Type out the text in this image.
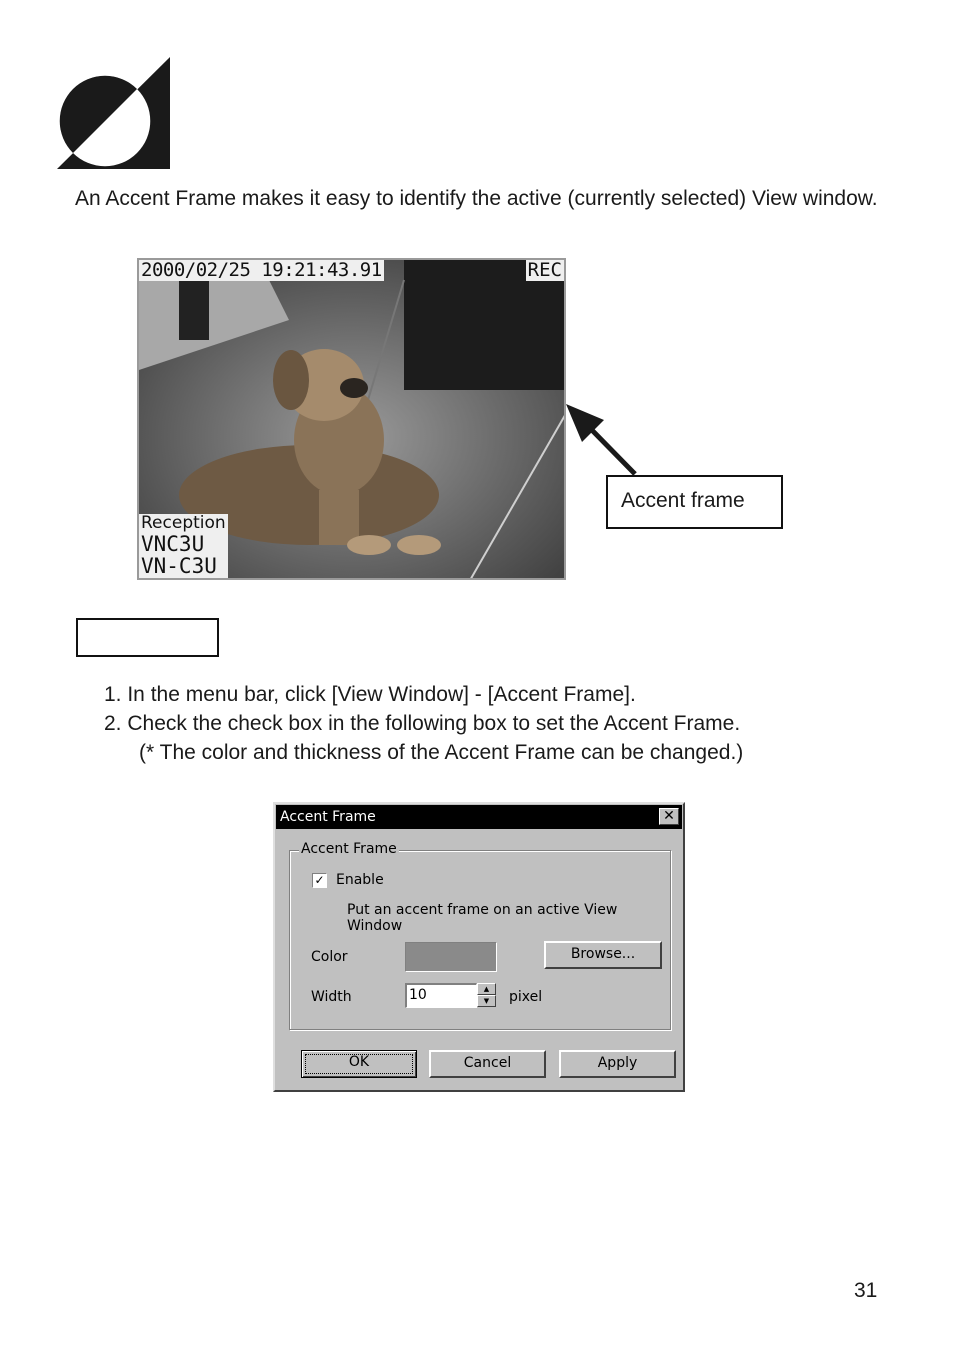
An Accent Frame makes it easy to identify the active (currently selected) View window.
2000/02/25 19:21:43.91	REC
Reception
VNC3U
VN-C3U
Accent frame
1. In the menu bar, click [View Window] - [Accent Frame].
2. Check the check box in the following box to set the Accent Frame.
(* The color and thickness of the Accent Frame can be changed.)
Accent Frame	✕
Accent Frame
✓ Enable
Put an accent frame on an active View Window
Color	Browse...
Width	10	▲
▼	pixel
OK	Cancel	Apply
31
